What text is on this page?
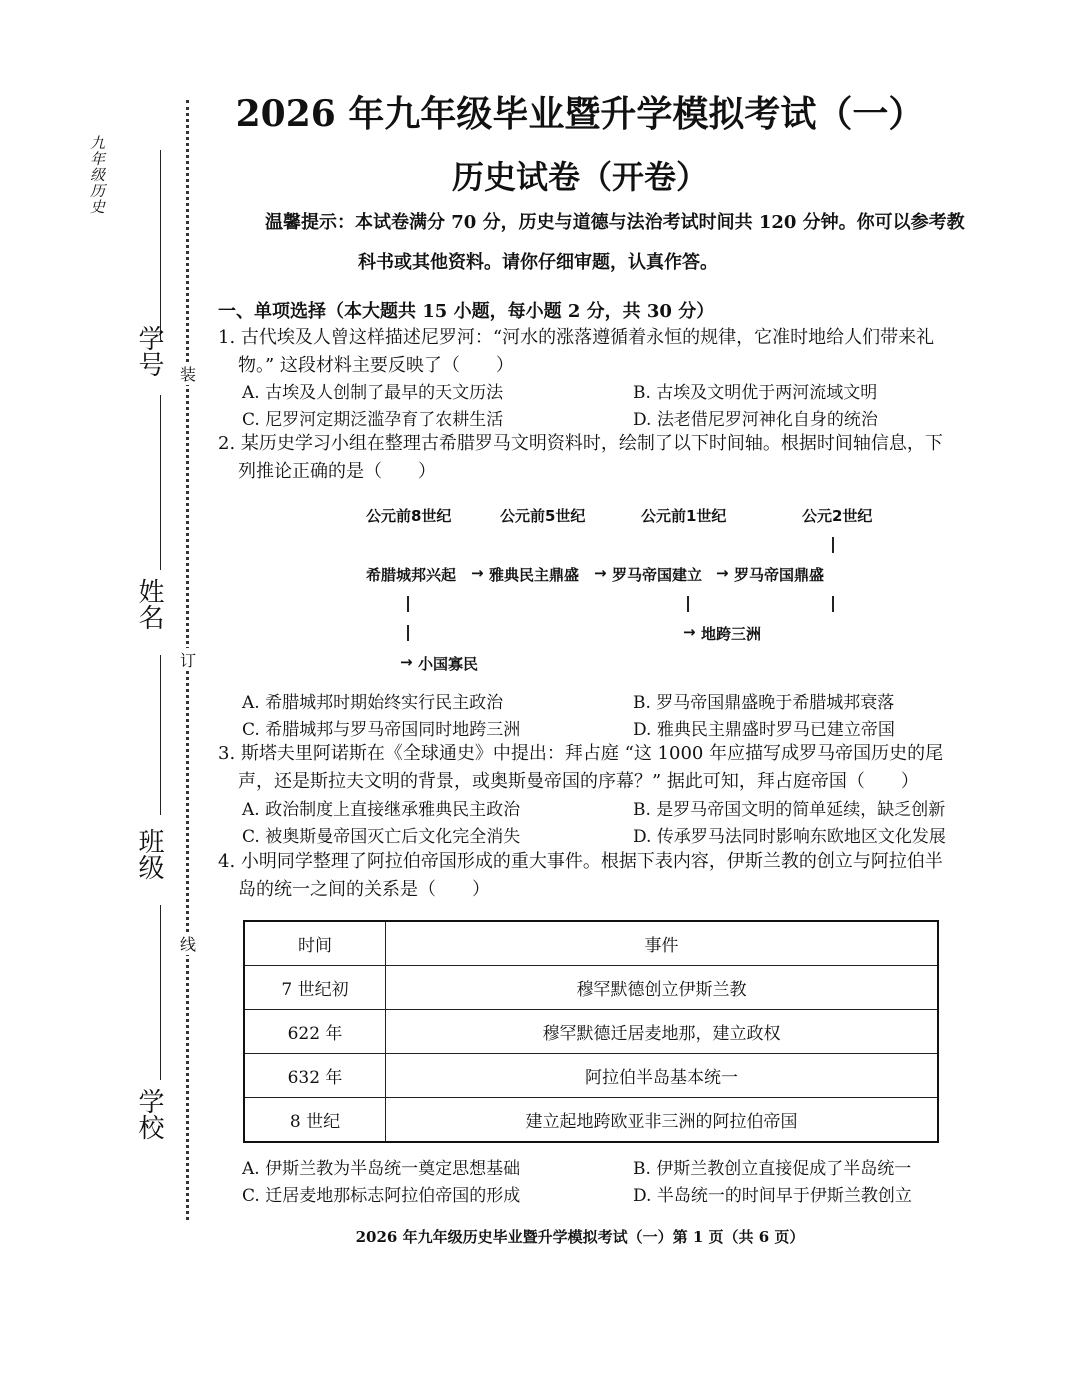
九年级历史
学号
姓名
班级
学校
装
订
线
2026 年九年级毕业暨升学模拟考试（一）
历史试卷（开卷）
温馨提示：本试卷满分 70 分，历史与道德与法治考试时间共 120 分钟。你可以参考教
科书或其他资料。请你仔细审题，认真作答。
一、单项选择（本大题共 15 小题，每小题 2 分，共 30 分）
1. 古代埃及人曾这样描述尼罗河：“河水的涨落遵循着永恒的规律，它准时地给人们带来礼
物。” 这段材料主要反映了（　　）
A. 古埃及人创制了最早的天文历法	B. 古埃及文明优于两河流域文明
C. 尼罗河定期泛滥孕育了农耕生活	D. 法老借尼罗河神化自身的统治
2. 某历史学习小组在整理古希腊罗马文明资料时，绘制了以下时间轴。根据时间轴信息，下
列推论正确的是（　　）
公元前8世纪	公元前5世纪	公元前1世纪	公元2世纪
希腊城邦兴起 → 雅典民主鼎盛 → 罗马帝国建立 → 罗马帝国鼎盛
→ 地跨三洲
→ 小国寡民
A. 希腊城邦时期始终实行民主政治	B. 罗马帝国鼎盛晚于希腊城邦衰落
C. 希腊城邦与罗马帝国同时地跨三洲	D. 雅典民主鼎盛时罗马已建立帝国
3. 斯塔夫里阿诺斯在《全球通史》中提出：拜占庭 “这 1000 年应描写成罗马帝国历史的尾
声，还是斯拉夫文明的背景，或奥斯曼帝国的序幕？” 据此可知，拜占庭帝国（　　）
A. 政治制度上直接继承雅典民主政治	B. 是罗马帝国文明的简单延续，缺乏创新
C. 被奥斯曼帝国灭亡后文化完全消失	D. 传承罗马法同时影响东欧地区文化发展
4. 小明同学整理了阿拉伯帝国形成的重大事件。根据下表内容，伊斯兰教的创立与阿拉伯半
岛的统一之间的关系是（　　）
时间	事件
7 世纪初	穆罕默德创立伊斯兰教
622 年	穆罕默德迁居麦地那，建立政权
632 年	阿拉伯半岛基本统一
8 世纪	建立起地跨欧亚非三洲的阿拉伯帝国
A. 伊斯兰教为半岛统一奠定思想基础	B. 伊斯兰教创立直接促成了半岛统一
C. 迁居麦地那标志阿拉伯帝国的形成	D. 半岛统一的时间早于伊斯兰教创立
2026 年九年级历史毕业暨升学模拟考试（一）第 1 页（共 6 页）
